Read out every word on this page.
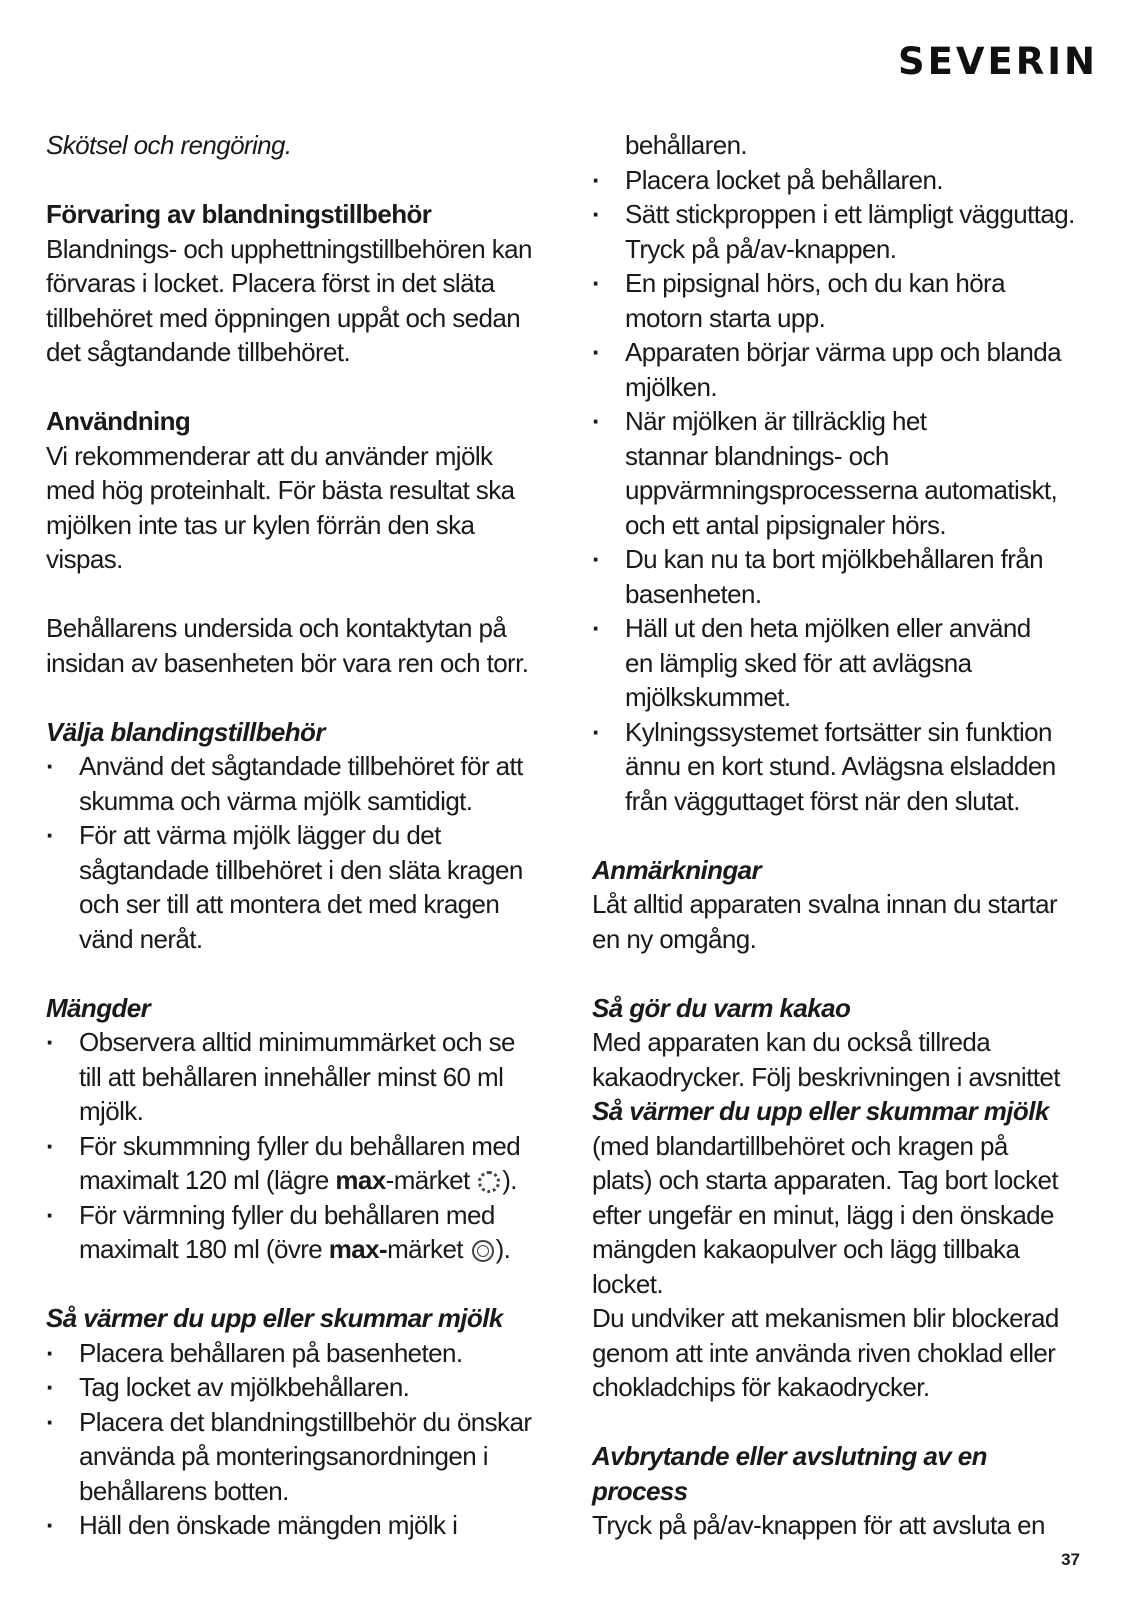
SEVERIN

Skötsel och rengöring.

Förvaring av blandningstillbehör

Blandnings- och upphettningstillbehören kan

förvaras i locket. Placera först in det släta

tillbehöret med öppningen uppåt och sedan

det sågtandande tillbehöret.

Användning

Vi rekommenderar att du använder mjölk

med hög proteinhalt. För bästa resultat ska

mjölken inte tas ur kylen förrän den ska

vispas.

Behållarens undersida och kontaktytan på

insidan av basenheten bör vara ren och torr.

Välja blandingstillbehör

· Använd det sågtandade tillbehöret för att

skumma och värma mjölk samtidigt.

· För att värma mjölk lägger du det

sågtandade tillbehöret i den släta kragen

och ser till att montera det med kragen

vänd neråt.

Mängder

· Observera alltid minimummärket och se

till att behållaren innehåller minst 60 ml

mjölk.

· För skummning fyller du behållaren med

maximalt 120 ml (lägre max-märket ).

· För värmning fyller du behållaren med

maximalt 180 ml (övre max-märket ).

Så värmer du upp eller skummar mjölk

· Placera behållaren på basenheten.

· Tag locket av mjölkbehållaren.

· Placera det blandningstillbehör du önskar

använda på monteringsanordningen i

behållarens botten.

· Häll den önskade mängden mjölk i

behållaren.

· Placera locket på behållaren.

· Sätt stickproppen i ett lämpligt vägguttag.

Tryck på på/av-knappen.

· En pipsignal hörs, och du kan höra

motorn starta upp.

· Apparaten börjar värma upp och blanda

mjölken.

· När mjölken är tillräcklig het

stannar blandnings- och

uppvärmningsprocesserna automatiskt,

och ett antal pipsignaler hörs.

· Du kan nu ta bort mjölkbehållaren från

basenheten.

· Häll ut den heta mjölken eller använd

en lämplig sked för att avlägsna

mjölkskummet.

· Kylningssystemet fortsätter sin funktion

ännu en kort stund. Avlägsna elsladden

från vägguttaget först när den slutat.

Anmärkningar

Låt alltid apparaten svalna innan du startar

en ny omgång.

Så gör du varm kakao

Med apparaten kan du också tillreda

kakaodrycker. Följ beskrivningen i avsnittet

Så värmer du upp eller skummar mjölk

(med blandartillbehöret och kragen på

plats) och starta apparaten. Tag bort locket

efter ungefär en minut, lägg i den önskade

mängden kakaopulver och lägg tillbaka

locket.

Du undviker att mekanismen blir blockerad

genom att inte använda riven choklad eller

chokladchips för kakaodrycker.

Avbrytande eller avslutning av en

process

Tryck på på/av-knappen för att avsluta en

37
